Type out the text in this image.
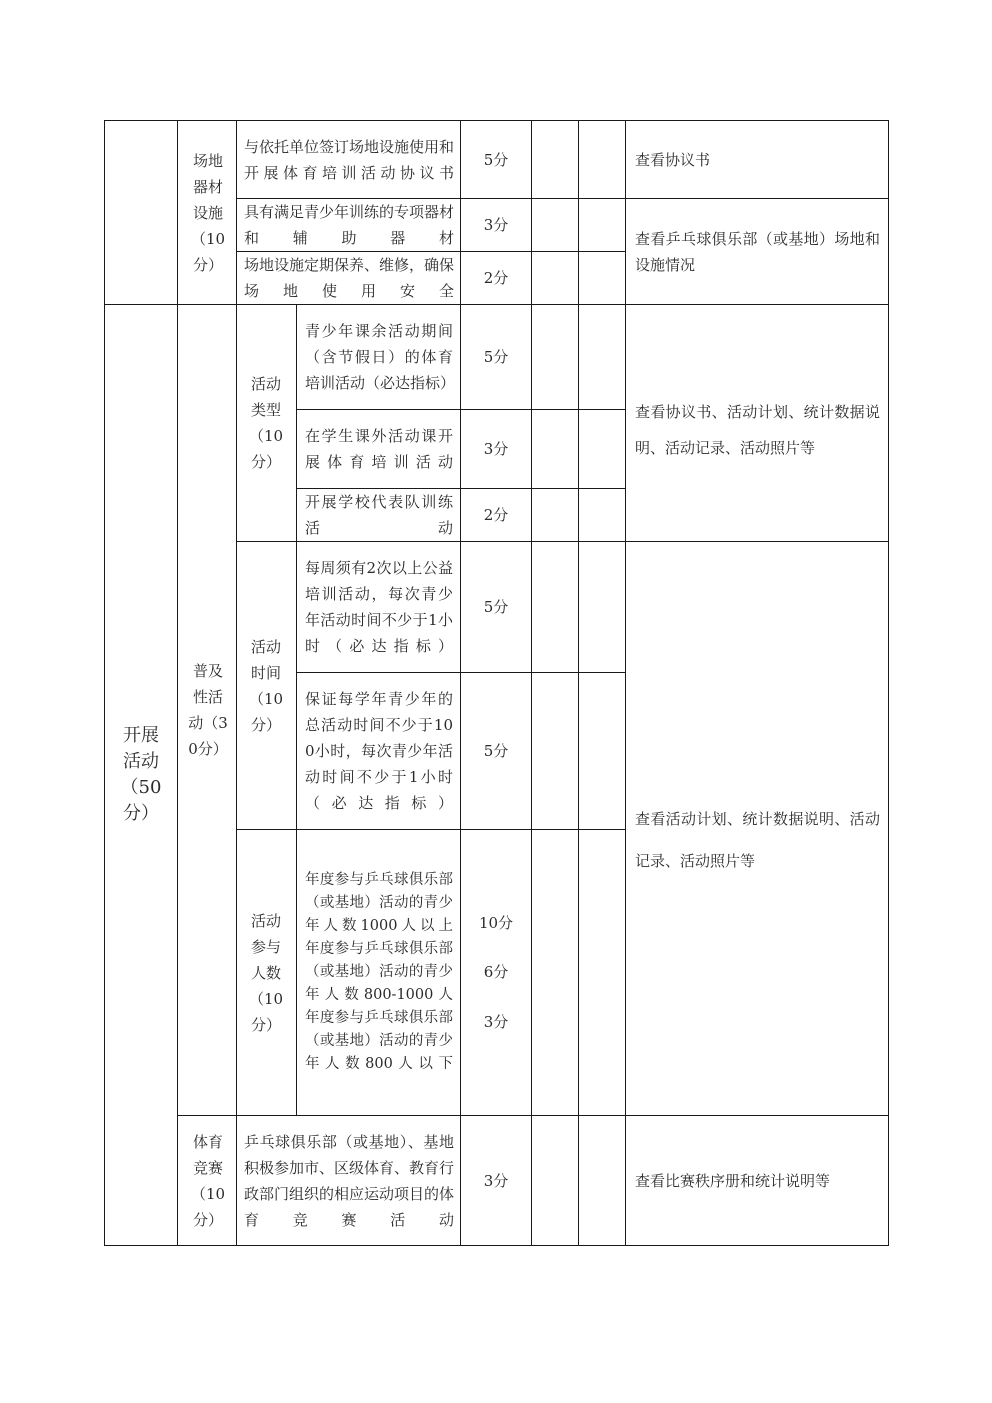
场地器材设施（10分）
与依托单位签订场地设施使用和开展体育培训活动协议书
5分	查看协议书
具有满足青少年训练的专项器材和辅助器材
3分
场地设施定期保养、维修，确保场地使用安全
2分
查看乒乓球俱乐部（或基地）场地和设施情况
开展活动（50分）
普及性活动（30分）
活动类型（10分）
青少年课余活动期间（含节假日）的体育培训活动（必达指标）
5分
在学生课外活动课开展体育培训活动
3分
开展学校代表队训练活动
2分
查看协议书、活动计划、统计数据说明、活动记录、活动照片等
活动时间（10分）
每周须有2次以上公益培训活动，每次青少年活动时间不少于1小时（必达指标）
5分
保证每学年青少年的总活动时间不少于100小时，每次青少年活动时间不少于1小时（必达指标）
5分
查看活动计划、统计数据说明、活动记录、活动照片等
活动参与人数（10分）
年度参与乒乓球俱乐部（或基地）活动的青少年人数1000人以上
年度参与乒乓球俱乐部（或基地）活动的青少年人数800-1000人
年度参与乒乓球俱乐部（或基地）活动的青少年人数800人以下
10分
6分
3分
体育竞赛（10分）
乒乓球俱乐部（或基地）、基地积极参加市、区级体育、教育行政部门组织的相应运动项目的体育竞赛活动
3分	查看比赛秩序册和统计说明等
